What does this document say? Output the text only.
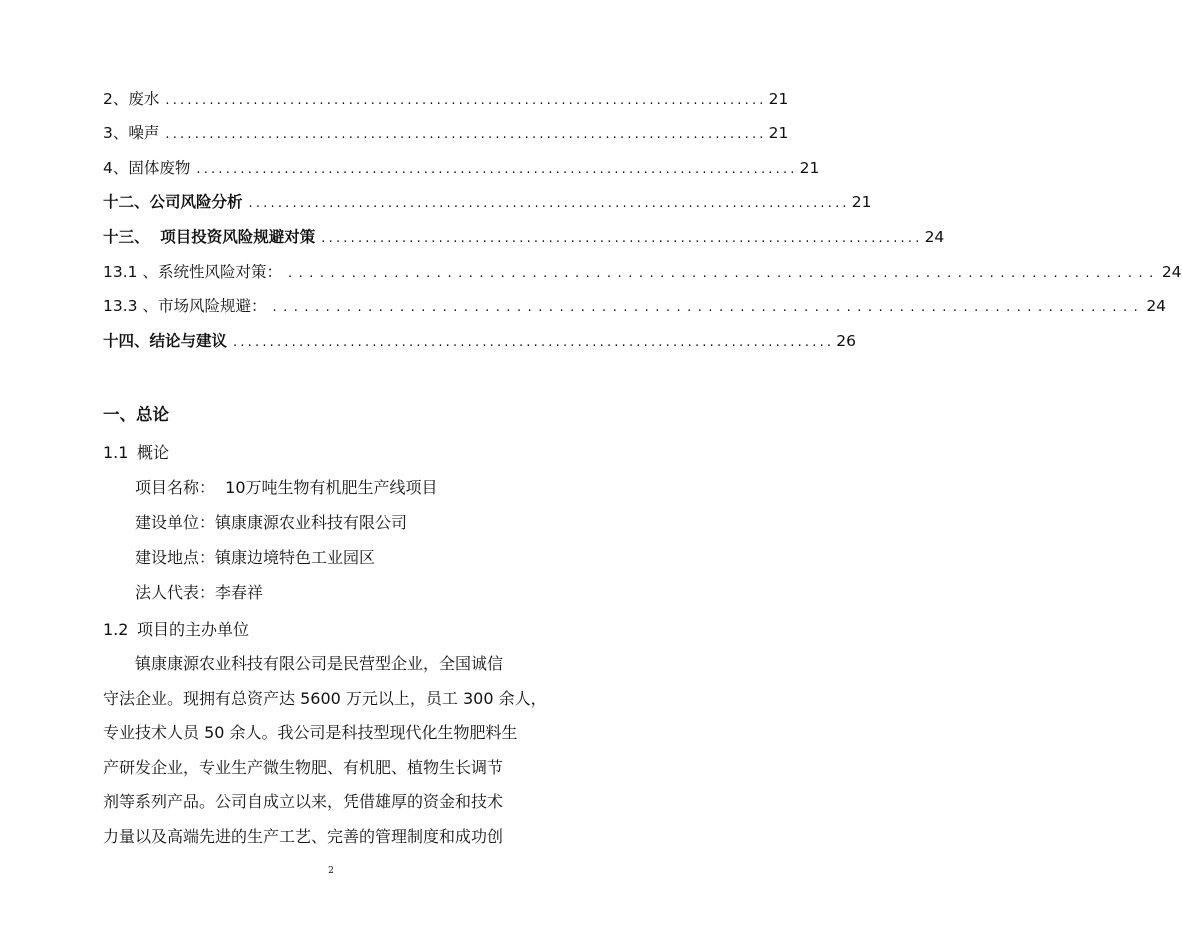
2、 废水 .................................................................................. 21
3、 噪声 .................................................................................. 21
4、 固体废物 .................................................................................. 21
十二、公司风险分析 .................................................................................. 21
十三、  项目投资风险规避对策 .................................................................................. 24
13.1 、系统性风险对策： .................................................................................. 24
13.3 、市场风险规避： .................................................................................. 24
十四、结论与建议 .................................................................................. 26
一、总论
1.1 概论
项目名称：  10万吨生物有机肥生产线项目
建设单位：镇康康源农业科技有限公司
建设地点：镇康边境特色工业园区
法人代表：李春祥
1.2 项目的主办单位
　　镇康康源农业科技有限公司是民营型企业，全国诚信
守法企业。现拥有总资产达 5600 万元以上，员工 300 余人，
专业技术人员 50 余人。我公司是科技型现代化生物肥料生
产研发企业，专业生产微生物肥、有机肥、植物生长调节
剂等系列产品。公司自成立以来，凭借雄厚的资金和技术
力量以及高端先进的生产工艺、完善的管理制度和成功创
2
